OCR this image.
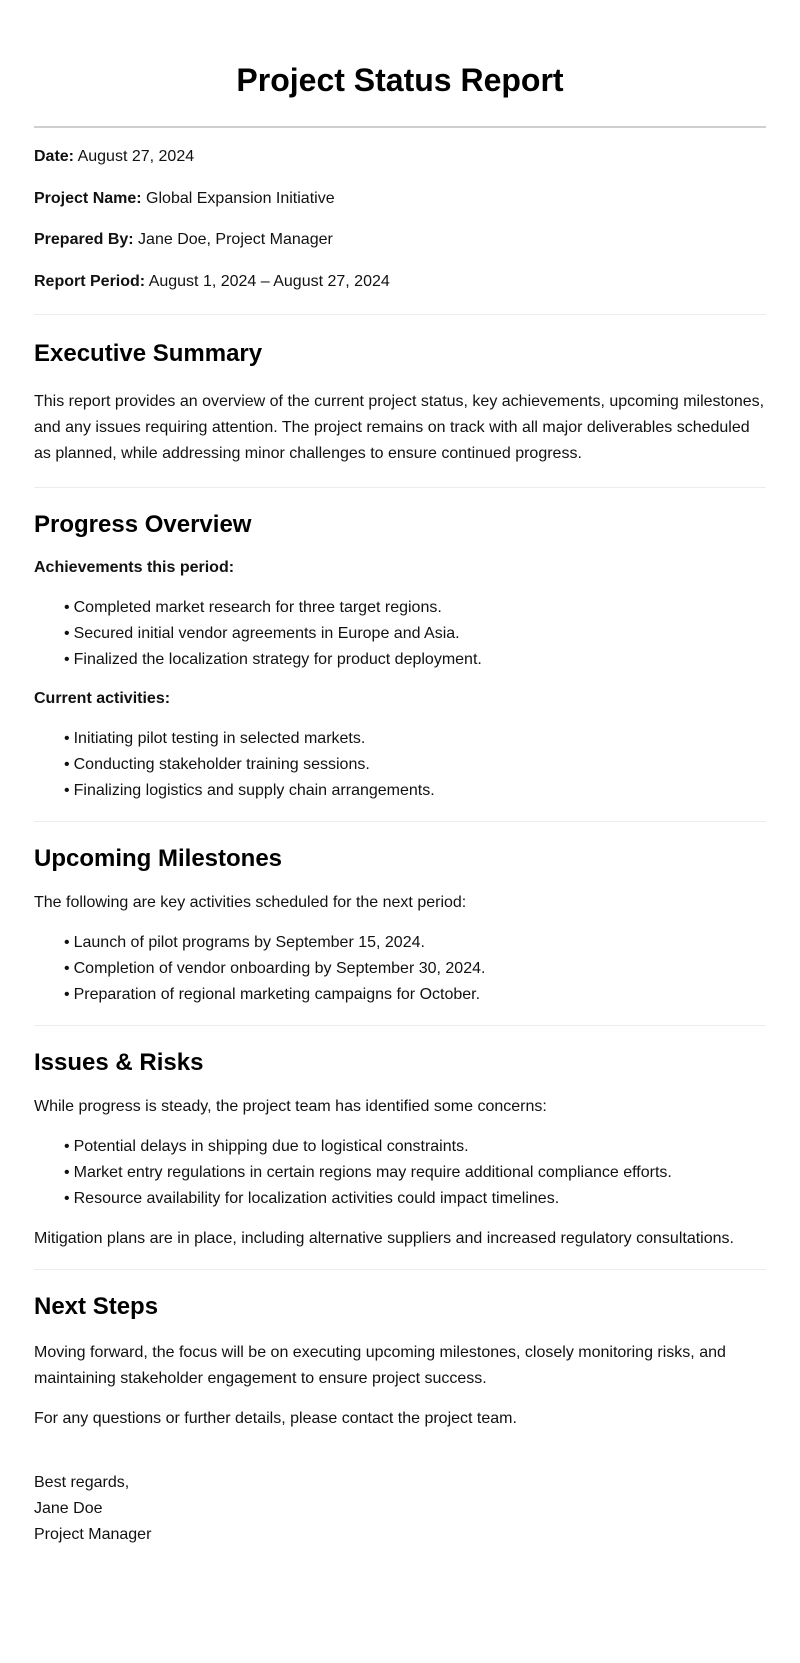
Project Status Report

Date: August 27, 2024

Project Name: Global Expansion Initiative

Prepared By: Jane Doe, Project Manager

Report Period: August 1, 2024 – August 27, 2024

Executive Summary

This report provides an overview of the current project status, key achievements, upcoming milestones, and any issues requiring attention. The project remains on track with all major deliverables scheduled as planned, while addressing minor challenges to ensure continued progress.

Progress Overview

Achievements this period:

• Completed market research for three target regions.
• Secured initial vendor agreements in Europe and Asia.
• Finalized the localization strategy for product deployment.

Current activities:

• Initiating pilot testing in selected markets.
• Conducting stakeholder training sessions.
• Finalizing logistics and supply chain arrangements.
Upcoming Milestones

The following are key activities scheduled for the next period:

• Launch of pilot programs by September 15, 2024.
• Completion of vendor onboarding by September 30, 2024.
• Preparation of regional marketing campaigns for October.
Issues & Risks

While progress is steady, the project team has identified some concerns:

• Potential delays in shipping due to logistical constraints.
• Market entry regulations in certain regions may require additional compliance efforts.
• Resource availability for localization activities could impact timelines.

Mitigation plans are in place, including alternative suppliers and increased regulatory consultations.

Next Steps

Moving forward, the focus will be on executing upcoming milestones, closely monitoring risks, and maintaining stakeholder engagement to ensure project success.

For any questions or further details, please contact the project team.

Best regards,
Jane Doe
Project Manager
